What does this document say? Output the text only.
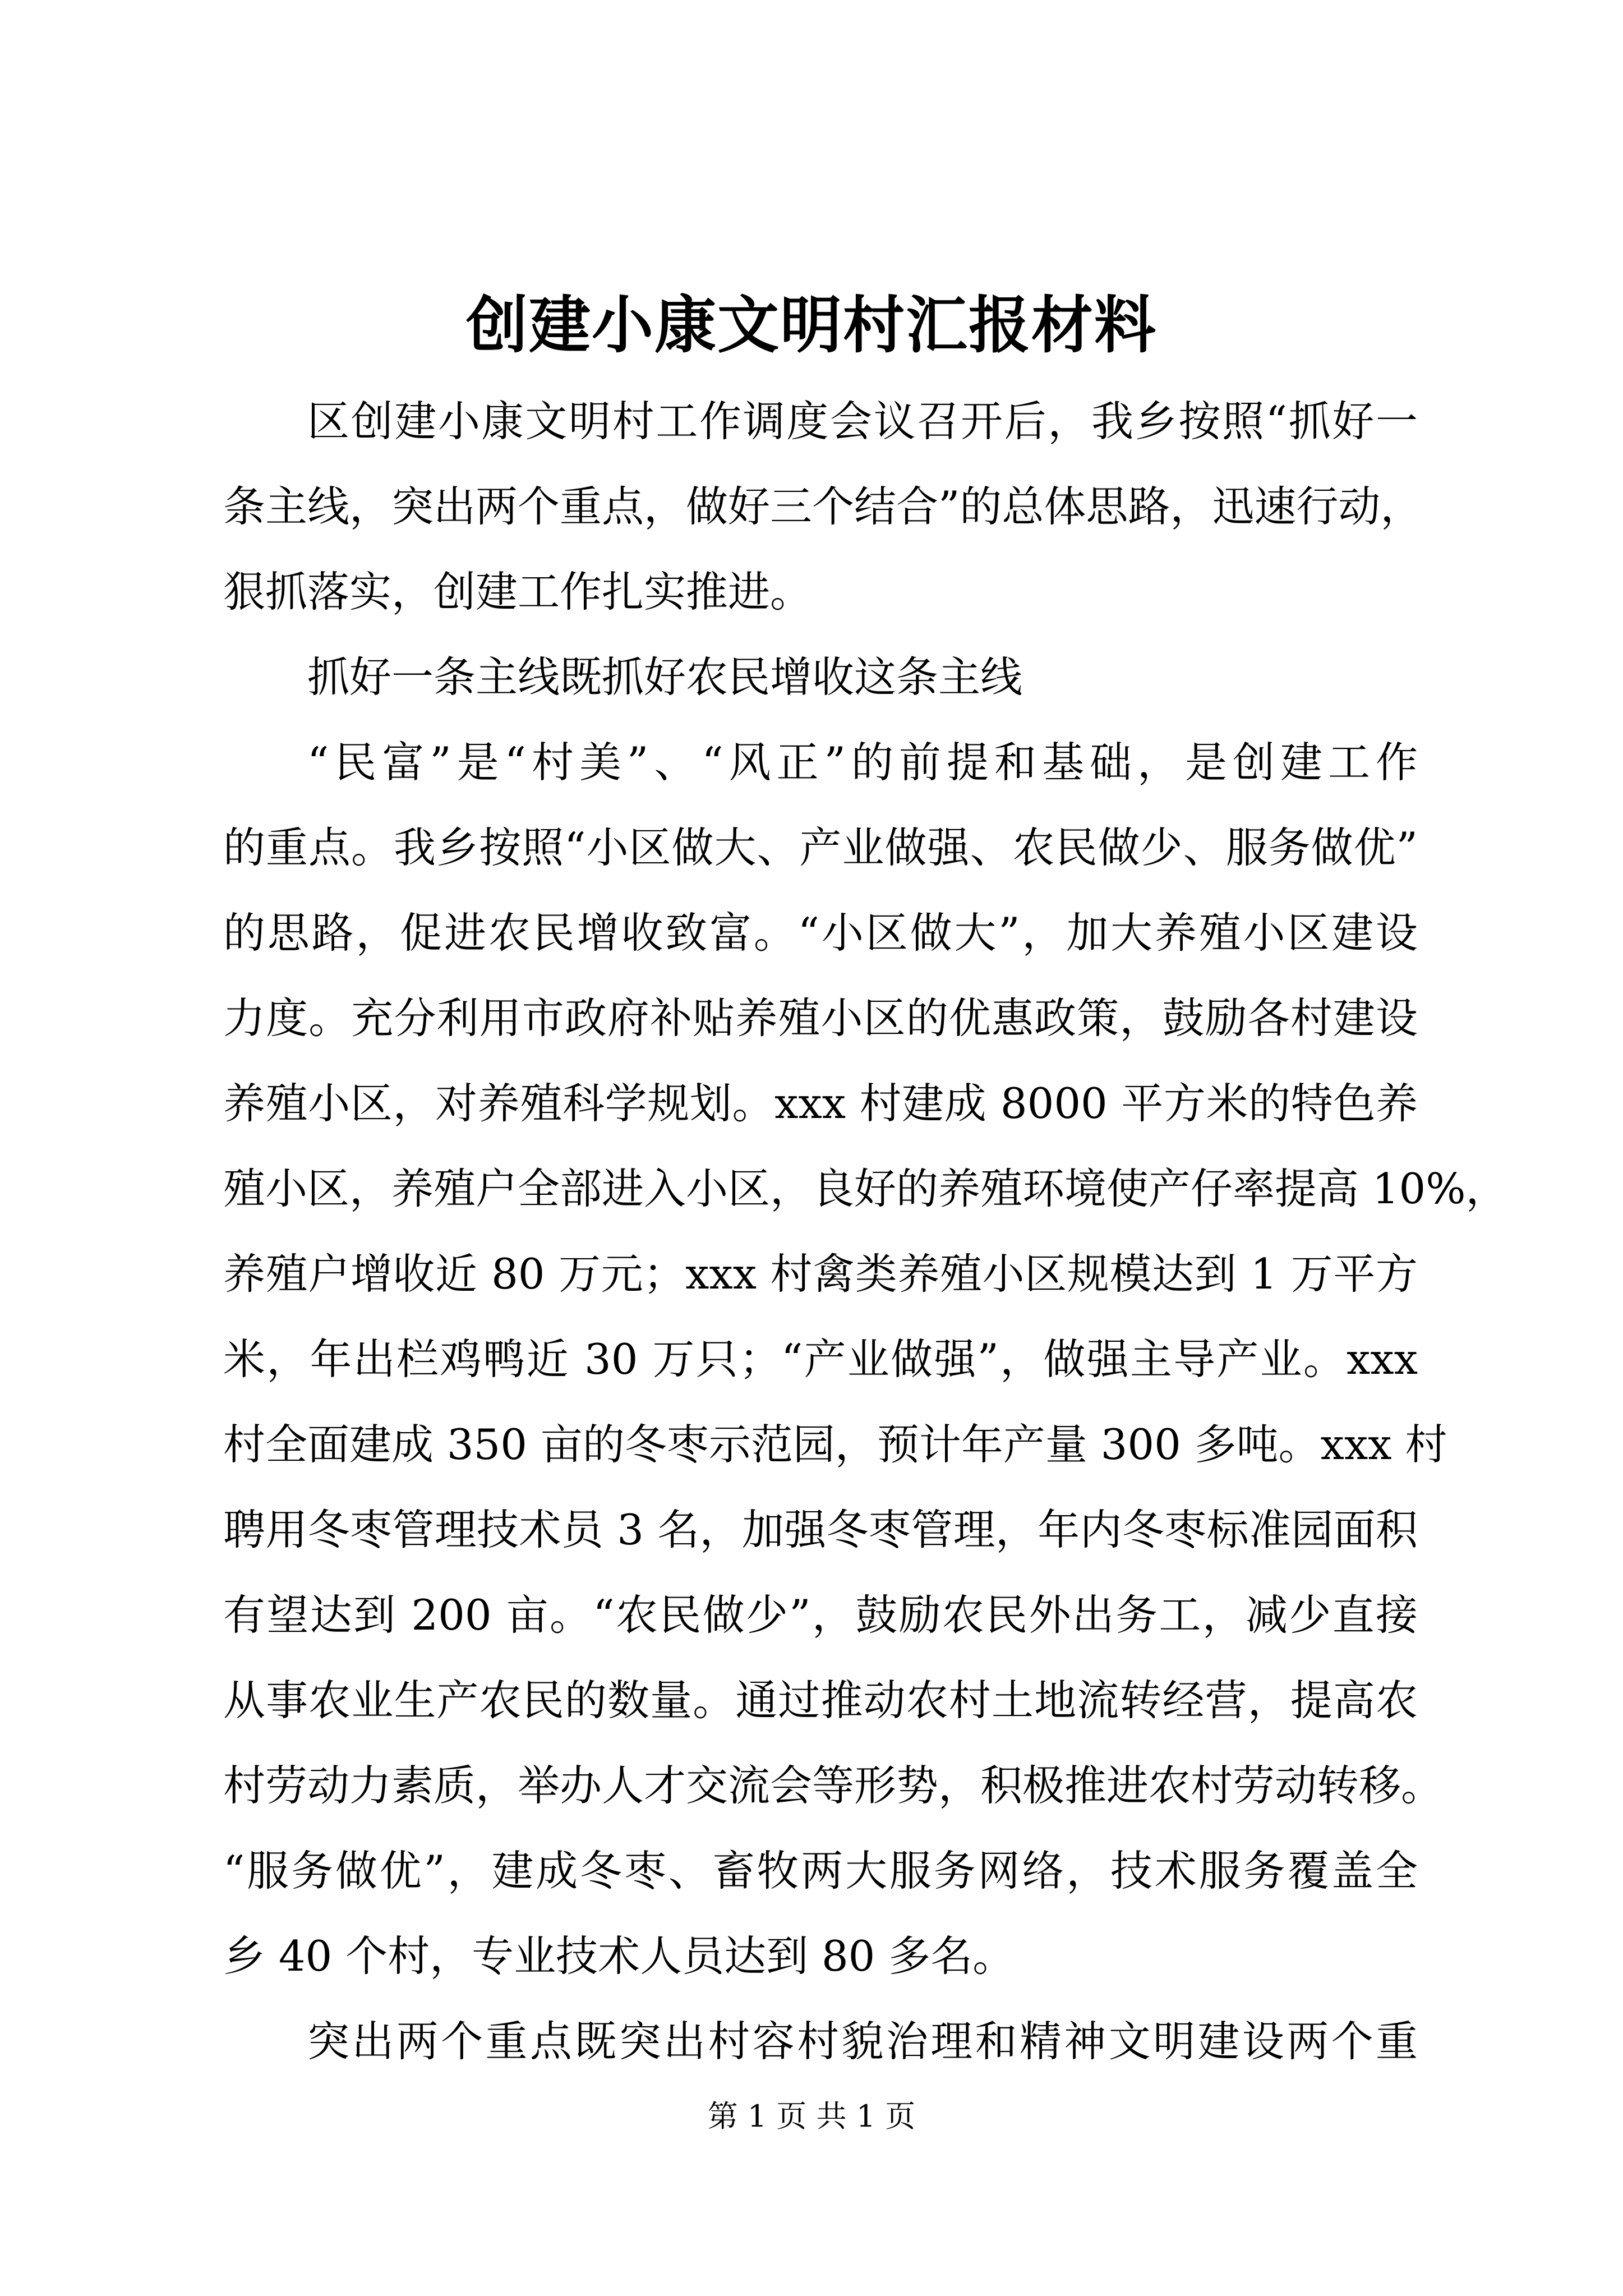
创建小康文明村汇报材料
区创建小康文明村工作调度会议召开后，我乡按照“抓好一
条主线，突出两个重点，做好三个结合”的总体思路，迅速行动，
狠抓落实，创建工作扎实推进。
抓好一条主线既抓好农民增收这条主线
“民富”是“村美”、“风正”的前提和基础，是创建工作
的重点。我乡按照“小区做大、产业做强、农民做少、服务做优”
的思路，促进农民增收致富。“小区做大”，加大养殖小区建设
力度。充分利用市政府补贴养殖小区的优惠政策，鼓励各村建设
养殖小区，对养殖科学规划。xxx 村建成 8000 平方米的特色养
殖小区，养殖户全部进入小区，良好的养殖环境使产仔率提高 10%，
养殖户增收近 80 万元；xxx 村禽类养殖小区规模达到 1 万平方
米，年出栏鸡鸭近 30 万只；“产业做强”，做强主导产业。xxx
村全面建成 350 亩的冬枣示范园，预计年产量 300 多吨。xxx 村
聘用冬枣管理技术员 3 名，加强冬枣管理，年内冬枣标准园面积
有望达到 200 亩。“农民做少”，鼓励农民外出务工，减少直接
从事农业生产农民的数量。通过推动农村土地流转经营，提高农
村劳动力素质，举办人才交流会等形势，积极推进农村劳动转移。
“服务做优”，建成冬枣、畜牧两大服务网络，技术服务覆盖全
乡 40 个村，专业技术人员达到 80 多名。
突出两个重点既突出村容村貌治理和精神文明建设两个重
第 1 页 共 1 页
